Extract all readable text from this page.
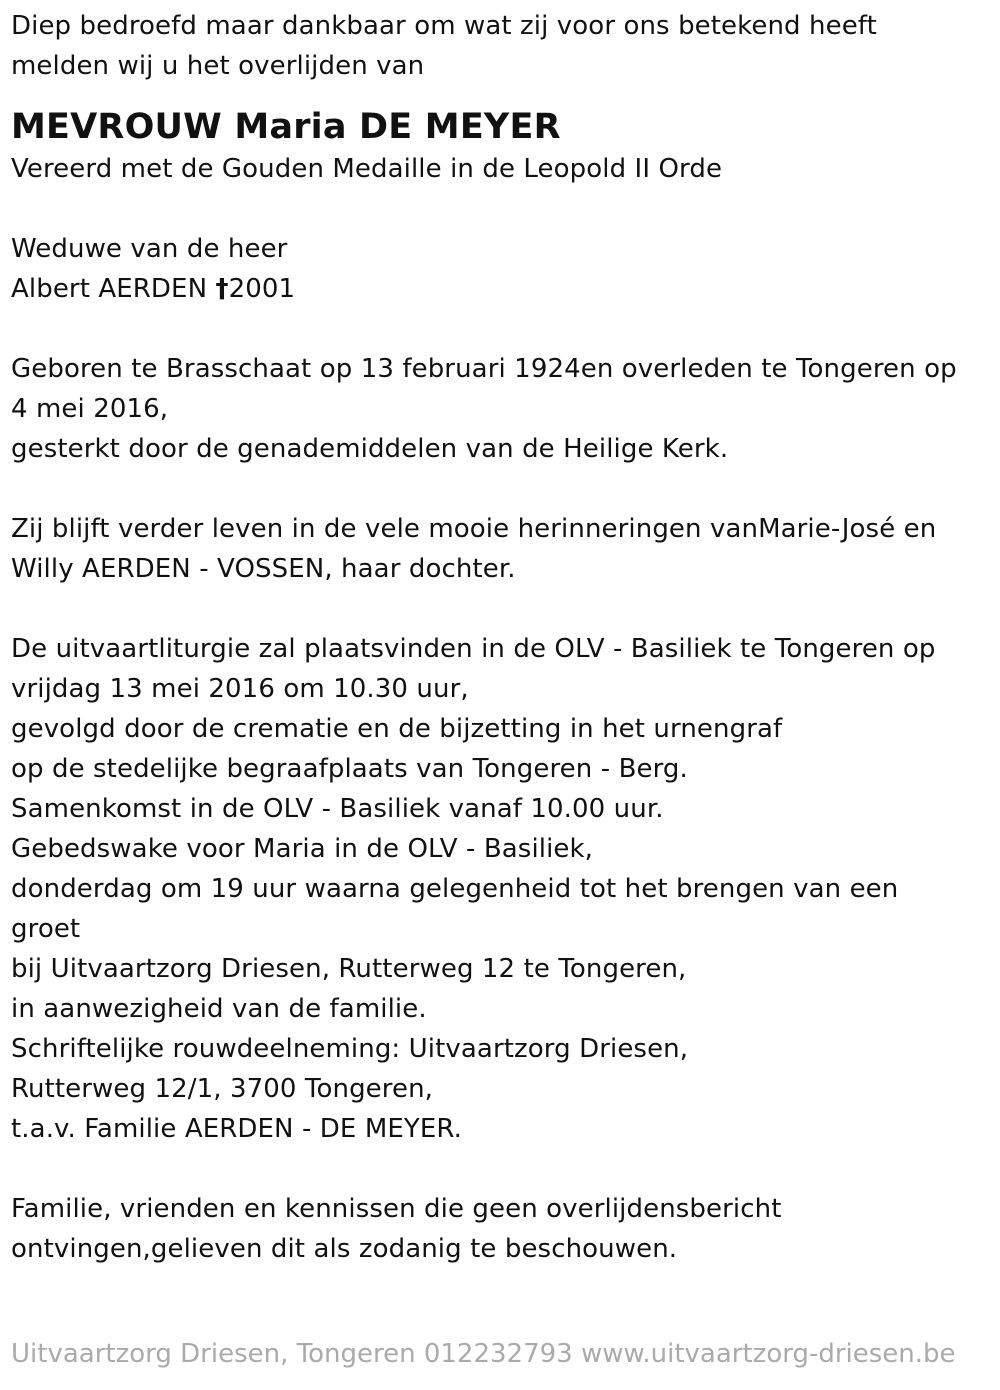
Diep bedroefd maar dankbaar om wat zij voor ons betekend heeft
melden wij u het overlijden van
MEVROUW Maria DE MEYER
Vereerd met de Gouden Medaille in de Leopold II Orde
Weduwe van de heer
Albert AERDEN †2001
Geboren te Brasschaat op 13 februari 1924en overleden te Tongeren op
4 mei 2016,
gesterkt door de genademiddelen van de Heilige Kerk.
Zij blijft verder leven in de vele mooie herinneringen vanMarie-José en
Willy AERDEN - VOSSEN, haar dochter.
De uitvaartliturgie zal plaatsvinden in de OLV - Basiliek te Tongeren op
vrijdag 13 mei 2016 om 10.30 uur,
gevolgd door de crematie en de bijzetting in het urnengraf
op de stedelijke begraafplaats van Tongeren - Berg.
Samenkomst in de OLV - Basiliek vanaf 10.00 uur.
Gebedswake voor Maria in de OLV - Basiliek,
donderdag om 19 uur waarna gelegenheid tot het brengen van een
groet
bij Uitvaartzorg Driesen, Rutterweg 12 te Tongeren,
in aanwezigheid van de familie.
Schriftelijke rouwdeelneming: Uitvaartzorg Driesen,
Rutterweg 12/1, 3700 Tongeren,
t.a.v. Familie AERDEN - DE MEYER.
Familie, vrienden en kennissen die geen overlijdensbericht
ontvingen,gelieven dit als zodanig te beschouwen.
Uitvaartzorg Driesen, Tongeren 012232793 www.uitvaartzorg-driesen.be
